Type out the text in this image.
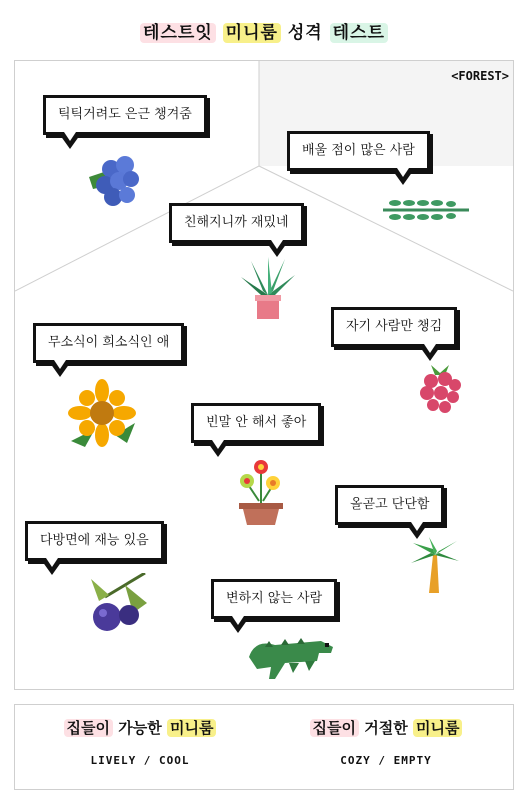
테스트잇 미니룸 성격 테스트
<FOREST>
틱틱거려도 은근 챙겨줌
배울 점이 많은 사람
친해지니까 재밌네
자기 사람만 챙김
무소식이 희소식인 애
빈말 안 해서 좋아
올곧고 단단함
다방면에 재능 있음
변하지 않는 사람
집들이 가능한 미니룸
LIVELY / COOL
집들이 거절한 미니룸
COZY / EMPTY
